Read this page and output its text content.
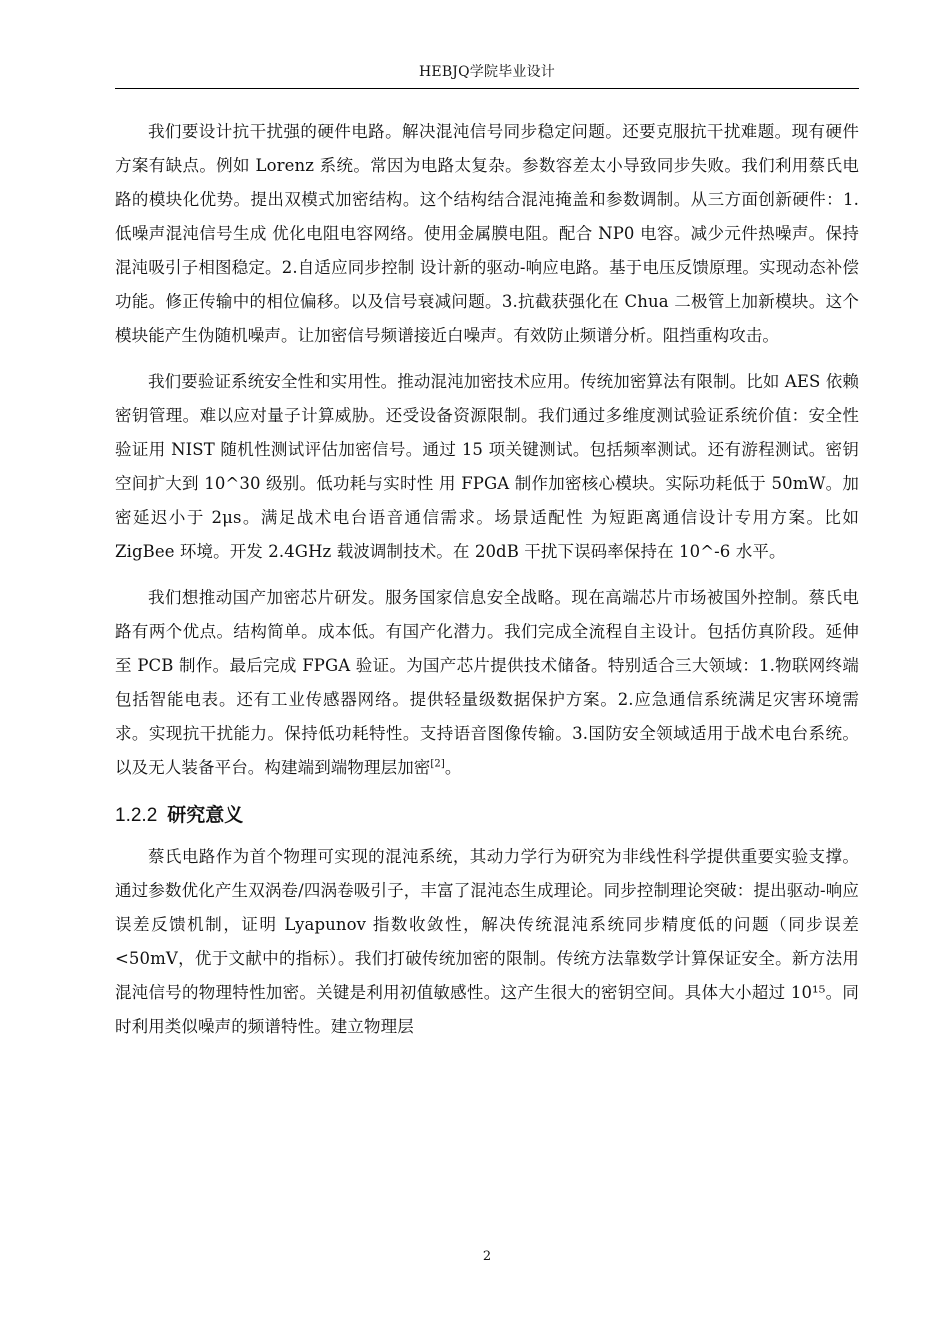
HEBJQ学院毕业设计

我们要设计抗干扰强的硬件电路。解决混沌信号同步稳定问题。还要克服抗干扰难题。现有硬件方案有缺点。例如 Lorenz 系统。常因为电路太复杂。参数容差太小导致同步失败。我们利用蔡氏电路的模块化优势。提出双模式加密结构。这个结构结合混沌掩盖和参数调制。从三方面创新硬件：1.低噪声混沌信号生成 优化电阻电容网络。使用金属膜电阻。配合 NP0 电容。减少元件热噪声。保持混沌吸引子相图稳定。2.自适应同步控制 设计新的驱动-响应电路。基于电压反馈原理。实现动态补偿功能。修正传输中的相位偏移。以及信号衰减问题。3.抗截获强化在 Chua 二极管上加新模块。这个模块能产生伪随机噪声。让加密信号频谱接近白噪声。有效防止频谱分析。阻挡重构攻击。

我们要验证系统安全性和实用性。推动混沌加密技术应用。传统加密算法有限制。比如 AES 依赖密钥管理。难以应对量子计算威胁。还受设备资源限制。我们通过多维度测试验证系统价值：安全性验证用 NIST 随机性测试评估加密信号。通过 15 项关键测试。包括频率测试。还有游程测试。密钥空间扩大到 10^30 级别。低功耗与实时性 用 FPGA 制作加密核心模块。实际功耗低于 50mW。加密延迟小于 2μs。满足战术电台语音通信需求。场景适配性 为短距离通信设计专用方案。比如 ZigBee 环境。开发 2.4GHz 载波调制技术。在 20dB 干扰下误码率保持在 10^-6 水平。

我们想推动国产加密芯片研发。服务国家信息安全战略。现在高端芯片市场被国外控制。蔡氏电路有两个优点。结构简单。成本低。有国产化潜力。我们完成全流程自主设计。包括仿真阶段。延伸至 PCB 制作。最后完成 FPGA 验证。为国产芯片提供技术储备。特别适合三大领域：1.物联网终端包括智能电表。还有工业传感器网络。提供轻量级数据保护方案。2.应急通信系统满足灾害环境需求。实现抗干扰能力。保持低功耗特性。支持语音图像传输。3.国防安全领域适用于战术电台系统。以及无人装备平台。构建端到端物理层加密[2]。

1.2.2 研究意义

蔡氏电路作为首个物理可实现的混沌系统，其动力学行为研究为非线性科学提供重要实验支撑。通过参数优化产生双涡卷/四涡卷吸引子，丰富了混沌态生成理论。同步控制理论突破：提出驱动-响应误差反馈机制，证明 Lyapunov 指数收敛性，解决传统混沌系统同步精度低的问题（同步误差<50mV，优于文献中的指标）。我们打破传统加密的限制。传统方法靠数学计算保证安全。新方法用混沌信号的物理特性加密。关键是利用初值敏感性。这产生很大的密钥空间。具体大小超过 10¹⁵。同时利用类似噪声的频谱特性。建立物理层

2
